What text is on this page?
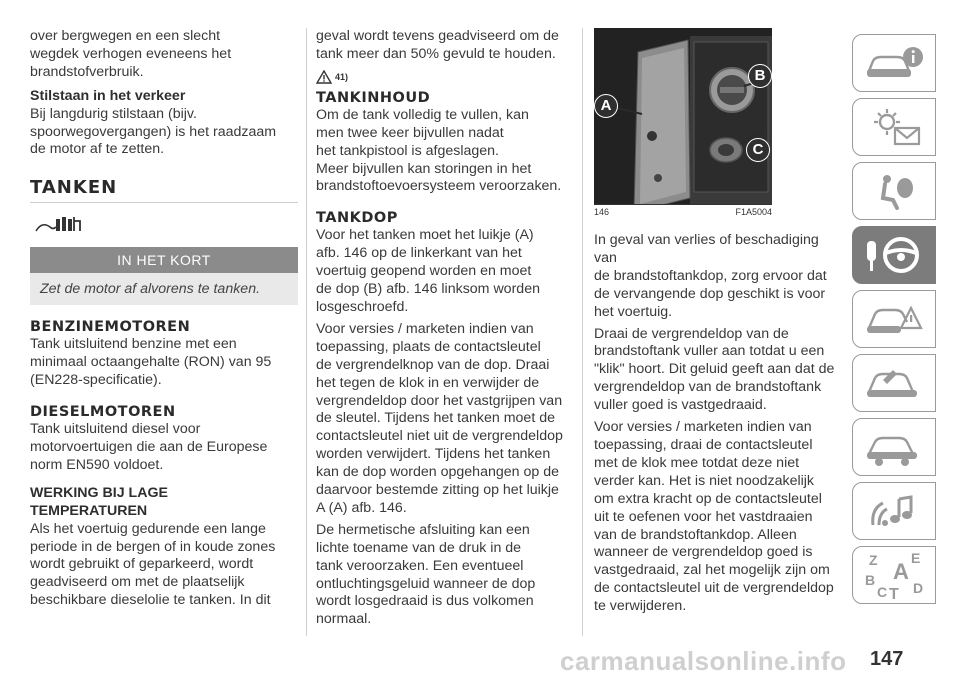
over bergwegen en een slecht
wegdek verhogen eveneens het
brandstofverbruik.
Stilstaan in het verkeer
Bij langdurig stilstaan (bijv.
spoorwegovergangen) is het raadzaam
de motor af te zetten.
TANKEN
IN HET KORT
Zet de motor af alvorens te tanken.
BENZINEMOTOREN
Tank uitsluitend benzine met een
minimaal octaangehalte (RON) van 95
(EN228-specificatie).
DIESELMOTOREN
Tank uitsluitend diesel voor
motorvoertuigen die aan de Europese
norm EN590 voldoet.
WERKING BIJ LAGE
TEMPERATUREN
Als het voertuig gedurende een lange
periode in de bergen of in koude zones
wordt gebruikt of geparkeerd, wordt
geadviseerd om met de plaatselijk
beschikbare dieselolie te tanken. In dit
geval wordt tevens geadviseerd om de
tank meer dan 50% gevuld te houden.
41)
TANKINHOUD
Om de tank volledig te vullen, kan
men twee keer bijvullen nadat
het tankpistool is afgeslagen.
Meer bijvullen kan storingen in het
brandstoftoevoersysteem veroorzaken.
TANKDOP
Voor het tanken moet het luikje (A)
afb. 146 op de linkerkant van het
voertuig geopend worden en moet
de dop (B) afb. 146 linksom worden
losgeschroefd.
Voor versies / marketen indien van
toepassing, plaats de contactsleutel
de vergrendelknop van de dop. Draai
het tegen de klok in en verwijder de
vergrendeldop door het vastgrijpen van
de sleutel. Tijdens het tanken moet de
contactsleutel niet uit de vergrendeldop
worden verwijdert. Tijdens het tanken
kan de dop worden opgehangen op de
daarvoor bestemde zitting op het luikje
A (A) afb. 146.
De hermetische afsluiting kan een
lichte toename van de druk in de
tank veroorzaken. Een eventueel
ontluchtingsgeluid wanneer de dop
wordt losgedraaid is dus volkomen
normaal.
A
B
C
146	F1A5004
In geval van verlies of beschadiging van
de brandstoftankdop, zorg ervoor dat
de vervangende dop geschikt is voor
het voertuig.
Draai de vergrendeldop van de
brandstoftank vuller aan totdat u een
"klik" hoort. Dit geluid geeft aan dat de
vergrendeldop van de brandstoftank
vuller goed is vastgedraaid.
Voor versies / marketen indien van
toepassing, draai de contactsleutel
met de klok mee totdat deze niet
verder kan. Het is niet noodzakelijk
om extra kracht op de contactsleutel
uit te oefenen voor het vastdraaien
van de brandstoftankdop. Alleen
wanneer de vergrendeldop goed is
vastgedraaid, zal het mogelijk zijn om
de contactsleutel uit de vergrendeldop
te verwijderen.
Z E
A
B
C T D
carmanualsonline.info 147
